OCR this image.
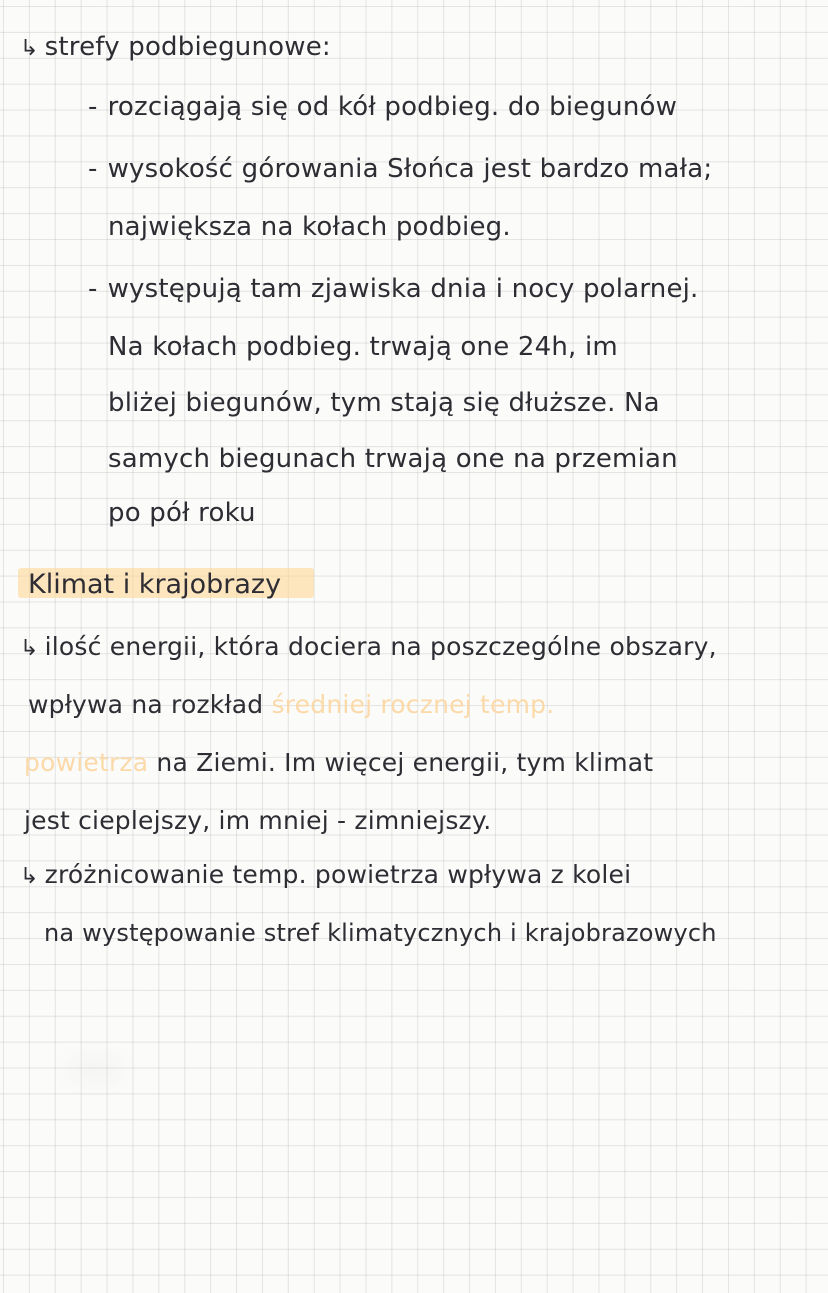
↳ strefy podbiegunowe:
- rozciągają się od kół podbieg. do biegunów
- wysokość górowania Słońca jest bardzo mała;
największa na kołach podbieg.
- występują tam zjawiska dnia i nocy polarnej.
Na kołach podbieg. trwają one 24h, im
bliżej biegunów, tym stają się dłuższe. Na
samych biegunach trwają one na przemian
po pół roku
Klimat i krajobrazy
↳ ilość energii, która dociera na poszczególne obszary,
wpływa na rozkład średniej rocznej temp.
powietrza na Ziemi. Im więcej energii, tym klimat
jest cieplejszy, im mniej - zimniejszy.
↳ zróżnicowanie temp. powietrza wpływa z kolei
na występowanie stref klimatycznych i krajobrazowych
